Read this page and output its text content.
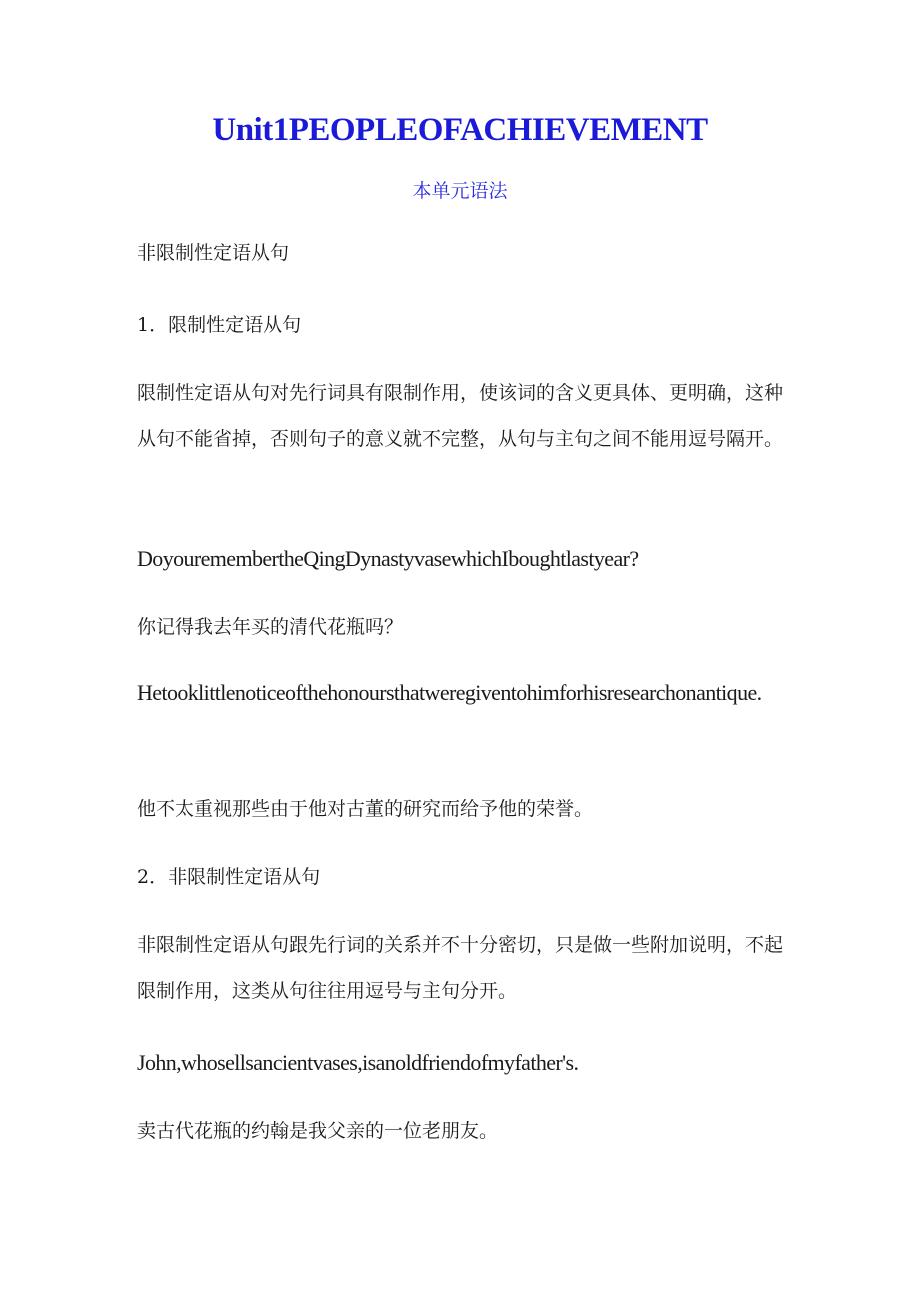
Unit1PEOPLEOFACHIEVEMENT
本单元语法

非限制性定语从句

1．限制性定语从句

限制性定语从句对先行词具有限制作用，使该词的含义更具体、更明确，这种从句不能省掉，否则句子的意义就不完整，从句与主句之间不能用逗号隔开。

DoyouremembertheQingDynastyvasewhichIboughtlastyear?

你记得我去年买的清代花瓶吗？

Hetooklittlenoticeofthehonoursthatweregiventohimforhisresearchonantique.

他不太重视那些由于他对古董的研究而给予他的荣誉。

2．非限制性定语从句

非限制性定语从句跟先行词的关系并不十分密切，只是做一些附加说明，不起限制作用，这类从句往往用逗号与主句分开。

John,whosellsancientvases,isanoldfriendofmyfather's.

卖古代花瓶的约翰是我父亲的一位老朋友。
